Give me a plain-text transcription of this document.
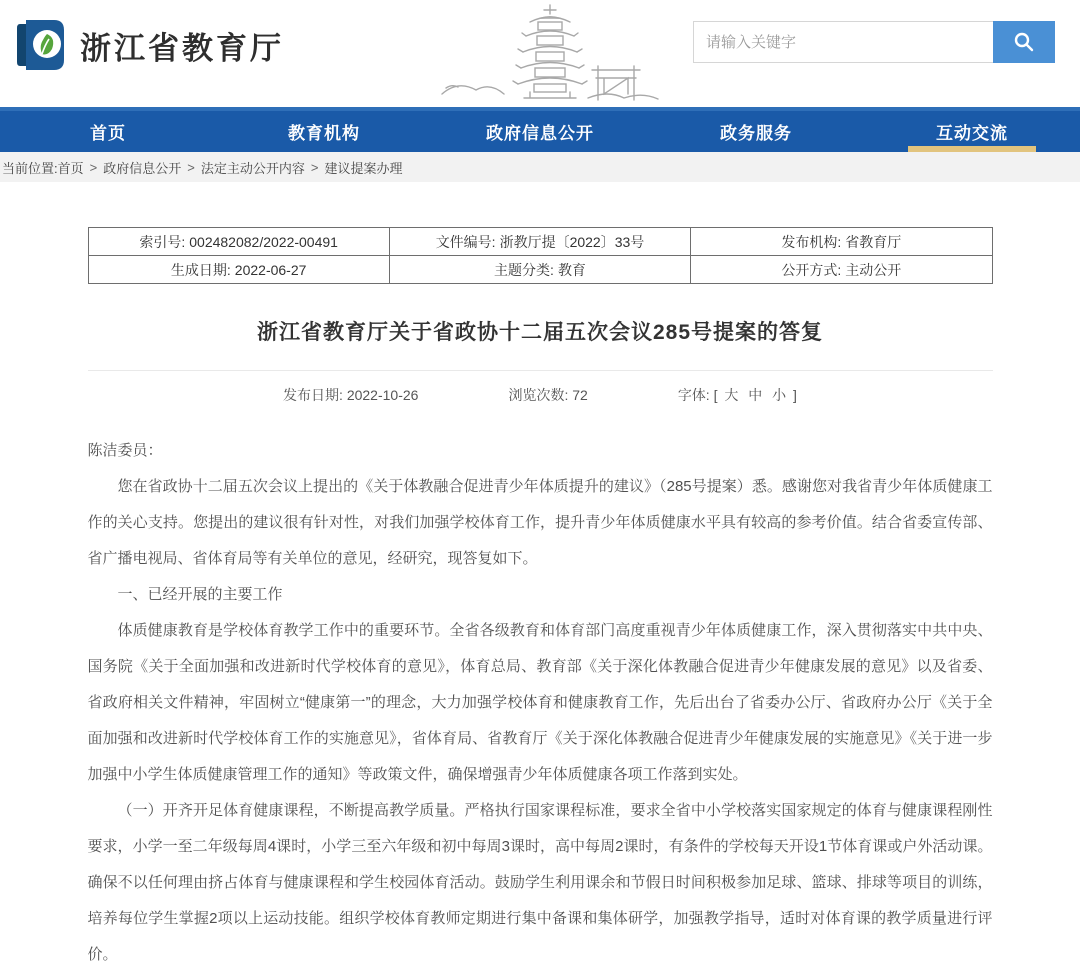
浙江省教育厅
请输入关键字
首页	教育机构	政府信息公开	政务服务	互动交流
当前位置: 首页 > 政府信息公开 > 法定主动公开内容 > 建议提案办理
索引号: 002482082/2022-00491	文件编号: 浙教厅提〔2022〕33号	发布机构: 省教育厅
生成日期: 2022-06-27	主题分类: 教育	公开方式: 主动公开
浙江省教育厅关于省政协十二届五次会议285号提案的答复
发布日期: 2022-10-26	浏览次数: 72	字体: [ 大 中 小 ]

陈洁委员：

您在省政协十二届五次会议上提出的《关于体教融合促进青少年体质提升的建议》（285号提案）悉。感谢您对我省青少年体质健康工作的关心支持。您提出的建议很有针对性，对我们加强学校体育工作，提升青少年体质健康水平具有较高的参考价值。结合省委宣传部、省广播电视局、省体育局等有关单位的意见，经研究，现答复如下。

一、已经开展的主要工作

体质健康教育是学校体育教学工作中的重要环节。全省各级教育和体育部门高度重视青少年体质健康工作，深入贯彻落实中共中央、国务院《关于全面加强和改进新时代学校体育的意见》，体育总局、教育部《关于深化体教融合促进青少年健康发展的意见》以及省委、省政府相关文件精神，牢固树立“健康第一”的理念，大力加强学校体育和健康教育工作，先后出台了省委办公厅、省政府办公厅《关于全面加强和改进新时代学校体育工作的实施意见》，省体育局、省教育厅《关于深化体教融合促进青少年健康发展的实施意见》《关于进一步加强中小学生体质健康管理工作的通知》等政策文件，确保增强青少年体质健康各项工作落到实处。

（一）开齐开足体育健康课程，不断提高教学质量。严格执行国家课程标准，要求全省中小学校落实国家规定的体育与健康课程刚性要求，小学一至二年级每周4课时，小学三至六年级和初中每周3课时，高中每周2课时，有条件的学校每天开设1节体育课或户外活动课。确保不以任何理由挤占体育与健康课程和学生校园体育活动。鼓励学生利用课余和节假日时间积极参加足球、篮球、排球等项目的训练，培养每位学生掌握2项以上运动技能。组织学校体育教师定期进行集中备课和集体研学，加强教学指导，适时对体育课的教学质量进行评价。
